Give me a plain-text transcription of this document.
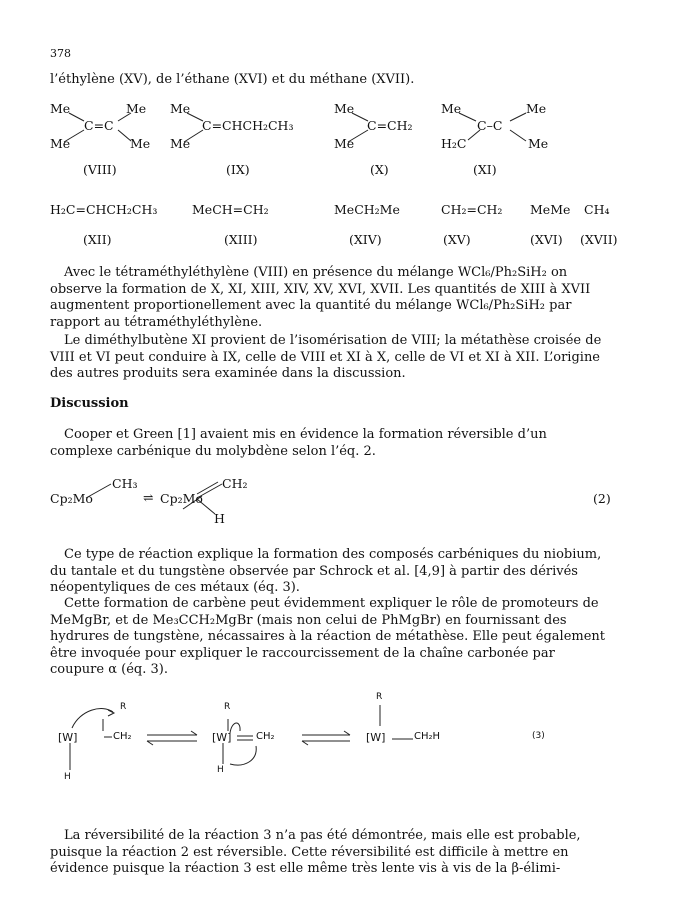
378
l’éthylène (XV), de l’éthane (XVI) et du méthane (XVII).
Me	Me
C=C
Me	Me
(VIII)
Me
Me
C=CHCH₂CH₃
(IX)
Me
Me
C=CH₂
(X)
Me	Me
C–C
H₂C	Me
(XI)
H₂C=CHCH₂CH₃	MeCH=CH₂	MeCH₂Me	CH₂=CH₂ MeMe CH₄
(XII)	(XIII)	(XIV)	(XV)	(XVI) (XVII)
Avec le tétraméthyléthylène (VIII) en présence du mélange WCl₆/Ph₂SiH₂ on observe la formation de X, XI, XIII, XIV, XV, XVI, XVII. Les quantités de XIII à XVII augmentent proportionellement avec la quantité du mélange WCl₆/Ph₂SiH₂ par rapport au tétraméthyléthylène.
Le diméthylbutène XI provient de l’isomérisation de VIII; la métathèse croisée de VIII et VI peut conduire à IX, celle de VIII et XI à X, celle de VI et XI à XII. L’origine des autres produits sera examinée dans la discussion.
Discussion
Cooper et Green [1] avaient mis en évidence la formation réversible d’un complexe carbénique du molybdène selon l’éq. 2.
Cp₂Mo
CH₃
⇌ Cp₂Mo
CH₂
H
(2)
Ce type de réaction explique la formation des composés carbéniques du niobium, du tantale et du tungstène observée par Schrock et al. [4,9] à partir des dérivés néopentyliques de ces métaux (éq. 3).
Cette formation de carbène peut évidemment expliquer le rôle de promoteurs de MeMgBr, et de Me₃CCH₂MgBr (mais non celui de PhMgBr) en fournissant des hydrures de tungstène, nécassaires à la réaction de métathèse. Elle peut également être invoquée pour expliquer le raccourcissement de la chaîne carbonée par coupure α (éq. 3).
R
[W]	CH₂
H
R
[W] CH₂
H
R
[W]	CH₂H	(3)
La réversibilité de la réaction 3 n’a pas été démontrée, mais elle est probable, puisque la réaction 2 est réversible. Cette réversibilité est difficile à mettre en évidence puisque la réaction 3 est elle même très lente vis à vis de la β-élimi-
